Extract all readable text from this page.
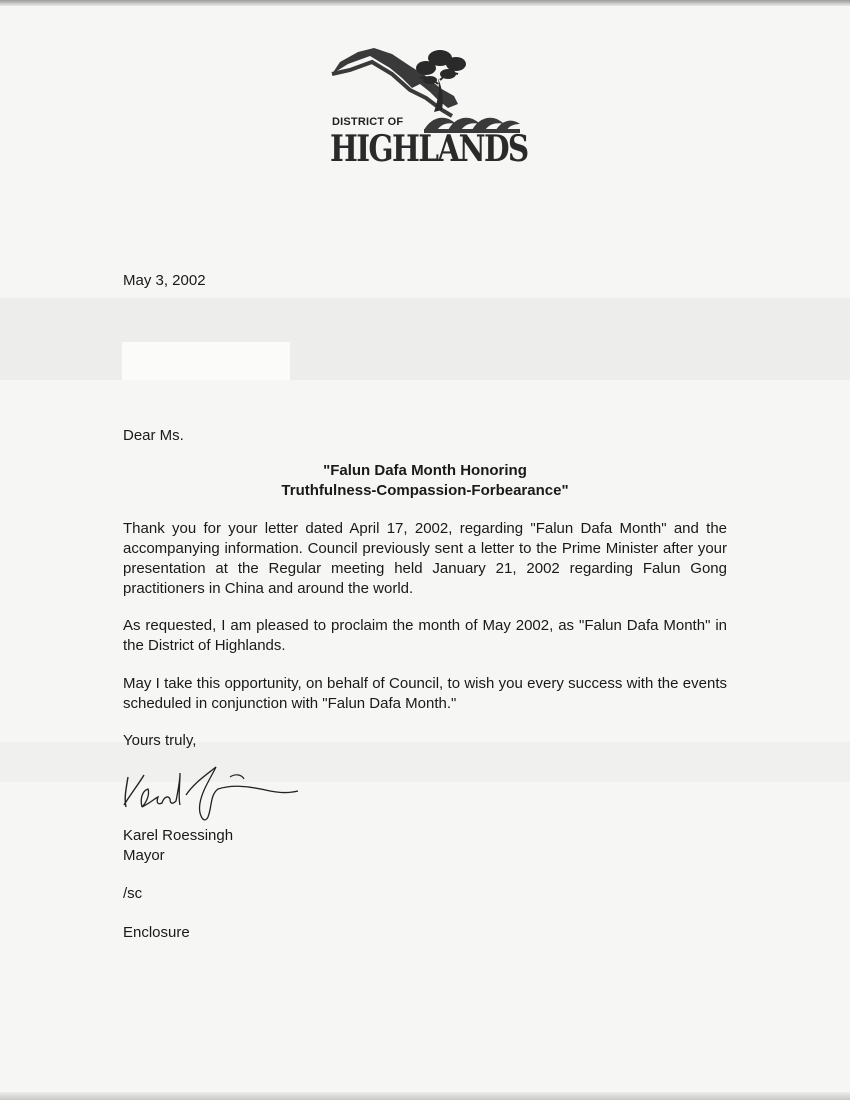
DISTRICT OF
HIGHLANDS
May 3, 2002
Dear Ms.
"Falun Dafa Month Honoring
Truthfulness-Compassion-Forbearance"
Thank you for your letter dated April 17, 2002, regarding "Falun Dafa Month" and the accompanying information. Council previously sent a letter to the Prime Minister after your presentation at the Regular meeting held January 21, 2002 regarding Falun Gong practitioners in China and around the world.
As requested, I am pleased to proclaim the month of May 2002, as "Falun Dafa Month" in the District of Highlands.
May I take this opportunity, on behalf of Council, to wish you every success with the events scheduled in conjunction with "Falun Dafa Month."
Yours truly,
Karel Roessingh
Mayor
/sc
Enclosure
